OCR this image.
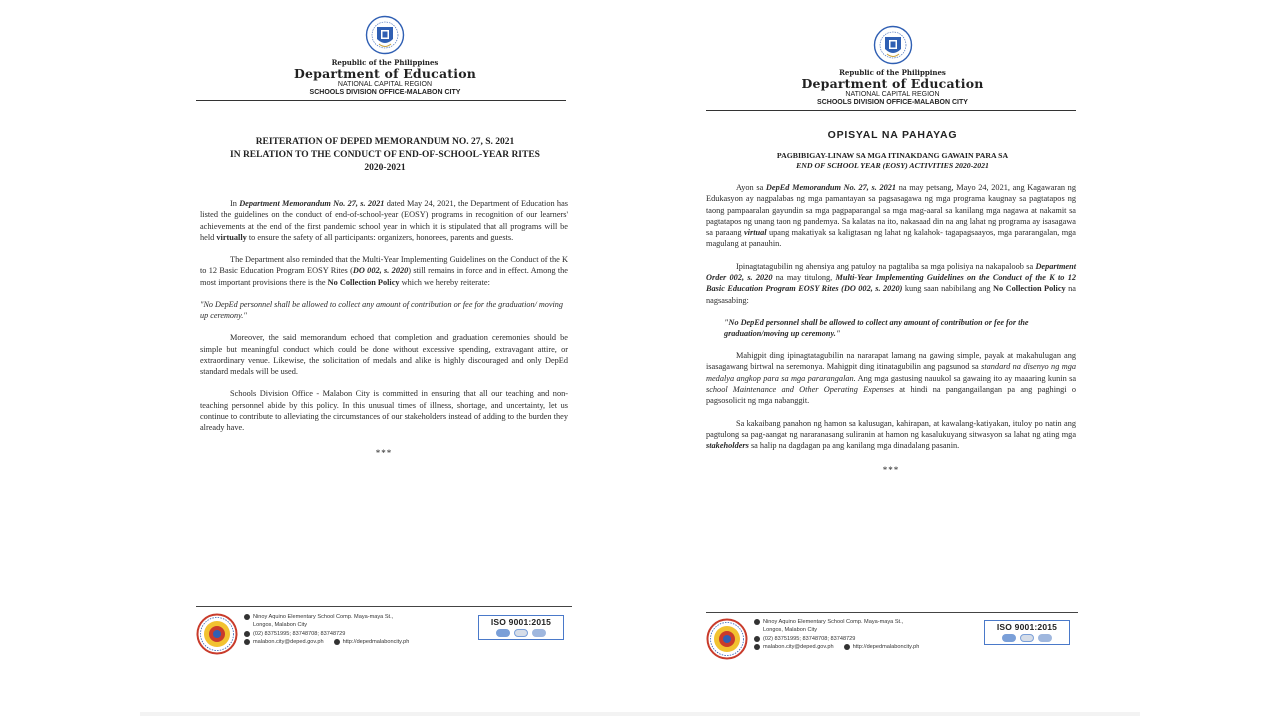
Republic of the Philippines
Department of Education
NATIONAL CAPITAL REGION
SCHOOLS DIVISION OFFICE-MALABON CITY
REITERATION OF DEPED MEMORANDUM NO. 27, S. 2021
IN RELATION TO THE CONDUCT OF END-OF-SCHOOL-YEAR RITES
2020-2021

In Department Memorandum No. 27, s. 2021 dated May 24, 2021, the Department of Education has listed the guidelines on the conduct of end-of-school-year (EOSY) programs in recognition of our learners' achievements at the end of the first pandemic school year in which it is stipulated that all programs will be held virtually to ensure the safety of all participants: organizers, honorees, parents and guests.

The Department also reminded that the Multi-Year Implementing Guidelines on the Conduct of the K to 12 Basic Education Program EOSY Rites (DO 002, s. 2020) still remains in force and in effect. Among the most important provisions there is the No Collection Policy which we hereby reiterate:

"No DepEd personnel shall be allowed to collect any amount of contribution or fee for the graduation/ moving up ceremony."

Moreover, the said memorandum echoed that completion and graduation ceremonies should be simple but meaningful conduct which could be done without excessive spending, extravagant attire, or extraordinary venue. Likewise, the solicitation of medals and alike is highly discouraged and only DepEd standard medals will be used.

Schools Division Office - Malabon City is committed in ensuring that all our teaching and non-teaching personnel abide by this policy. In this unusual times of illness, shortage, and uncertainty, let us continue to contribute to alleviating the circumstances of our stakeholders instead of adding to the burden they already have.

***

Ninoy Aquino Elementary School Comp. Maya-maya St.,
Longos, Malabon City
(02) 83751995; 83748708; 83748729
malabon.city@deped.gov.ph	http://depedmalaboncity.ph
ISO 9001:2015
Republic of the Philippines
Department of Education
NATIONAL CAPITAL REGION
SCHOOLS DIVISION OFFICE-MALABON CITY
OPISYAL NA PAHAYAG
PAGBIBIGAY-LINAW SA MGA ITINAKDANG GAWAIN PARA SA
END OF SCHOOL YEAR (EOSY) ACTIVITIES 2020-2021

Ayon sa DepEd Memorandum No. 27, s. 2021 na may petsang, Mayo 24, 2021, ang Kagawaran ng Edukasyon ay nagpalabas ng mga pamantayan sa pagsasagawa ng mga programa kaugnay sa pagtatapos ng taong pampaaralan gayundin sa mga pagpaparangal sa mga mag-aaral sa kanilang mga nagawa at nakamit sa pagtatapos ng unang taon ng pandemya. Sa kalatas na ito, nakasaad din na ang lahat ng programa ay isasagawa sa paraang virtual upang makatiyak sa kaligtasan ng lahat ng kalahok- tagapagsaayos, mga pararangalan, mga magulang at panauhin.

Ipinagtatagubilin ng ahensiya ang patuloy na pagtaliba sa mga polisiya na nakapaloob sa Department Order 002, s. 2020 na may titulong, Multi-Year Implementing Guidelines on the Conduct of the K to 12 Basic Education Program EOSY Rites (DO 002, s. 2020) kung saan nabibilang ang No Collection Policy na nagsasabing:

"No DepEd personnel shall be allowed to collect any amount of contribution or fee for the graduation/moving up ceremony."

Mahigpit ding ipinagtatagubilin na nararapat lamang na gawing simple, payak at makahulugan ang isasagawang birtwal na seremonya. Mahigpit ding itinatagubilin ang pagsunod sa standard na disenyo ng mga medalya angkop para sa mga pararangalan. Ang mga gastusing nauukol sa gawaing ito ay maaaring kunin sa school Maintenance and Other Operating Expenses at hindi na pangangailangan pa ang paghingi o pagsosolicit ng mga nabanggit.

Sa kakaibang panahon ng hamon sa kalusugan, kahirapan, at kawalang-katiyakan, ituloy po natin ang pagtulong sa pag-aangat ng nararanasang suliranin at hamon ng kasalukuyang sitwasyon sa lahat ng ating mga stakeholders sa halip na dagdagan pa ang kanilang mga dinadalang pasanin.

***

Ninoy Aquino Elementary School Comp. Maya-maya St.,
Longos, Malabon City
(02) 83751995; 83748708; 83748729
malabon.city@deped.gov.ph	http://depedmalaboncity.ph
ISO 9001:2015
